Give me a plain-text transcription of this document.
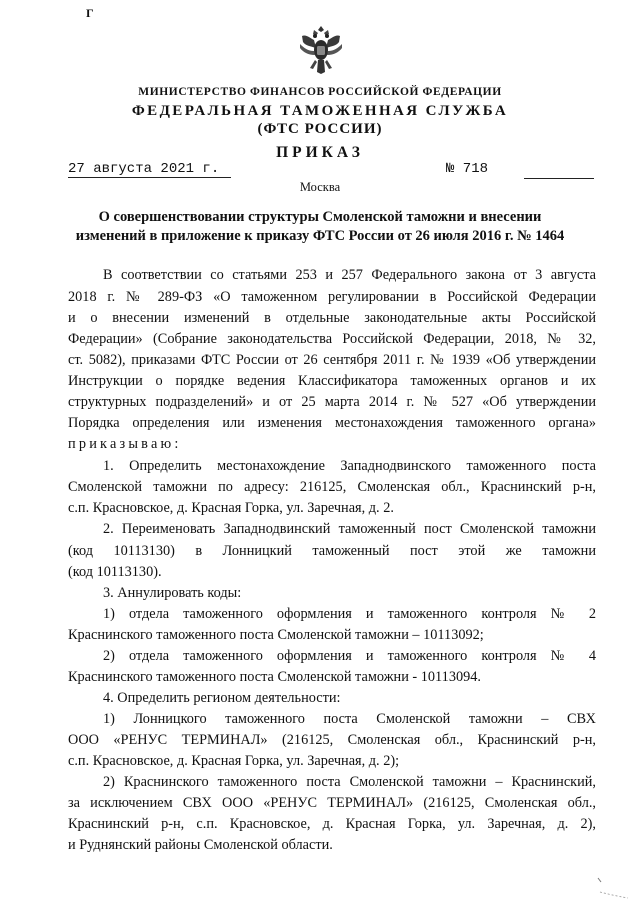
Γ
МИНИСТЕРСТВО ФИНАНСОВ РОССИЙСКОЙ ФЕДЕРАЦИИ
ФЕДЕРАЛЬНАЯ ТАМОЖЕННАЯ СЛУЖБА
(ФТС РОССИИ)
ПРИКАЗ
27 августа 2021 г.	№ 718
Москва
О совершенствовании структуры Смоленской таможни и внесении изменений в приложение к приказу ФТС России от 26 июля 2016 г. № 1464
В соответствии со статьями 253 и 257 Федерального закона от 3 августа
2018 г. № 289-ФЗ «О таможенном регулировании в Российской Федерации
и о внесении изменений в отдельные законодательные акты Российской
Федерации» (Собрание законодательства Российской Федерации, 2018, № 32,
ст. 5082), приказами ФТС России от 26 сентября 2011 г. № 1939 «Об утверждении
Инструкции о порядке ведения Классификатора таможенных органов и их
структурных подразделений» и от 25 марта 2014 г. № 527 «Об утверждении
Порядка определения или изменения местонахождения таможенного органа»
приказываю:
1. Определить местонахождение Западнодвинского таможенного поста
Смоленской таможни по адресу: 216125, Смоленская обл., Краснинский р-н,
с.п. Красновское, д. Красная Горка, ул. Заречная, д. 2.
2. Переименовать Западнодвинский таможенный пост Смоленской таможни
(код 10113130) в Лонницкий таможенный пост этой же таможни
(код 10113130).
3. Аннулировать коды:
1) отдела таможенного оформления и таможенного контроля № 2
Краснинского таможенного поста Смоленской таможни – 10113092;
2) отдела таможенного оформления и таможенного контроля № 4
Краснинского таможенного поста Смоленской таможни - 10113094.
4. Определить регионом деятельности:
1) Лонницкого таможенного поста Смоленской таможни – СВХ
ООО «РЕНУС ТЕРМИНАЛ» (216125, Смоленская обл., Краснинский р-н,
с.п. Красновское, д. Красная Горка, ул. Заречная, д. 2);
2) Краснинского таможенного поста Смоленской таможни – Краснинский,
за исключением СВХ ООО «РЕНУС ТЕРМИНАЛ» (216125, Смоленская обл.,
Краснинский р-н, с.п. Красновское, д. Красная Горка, ул. Заречная, д. 2),
и Руднянский районы Смоленской области.
